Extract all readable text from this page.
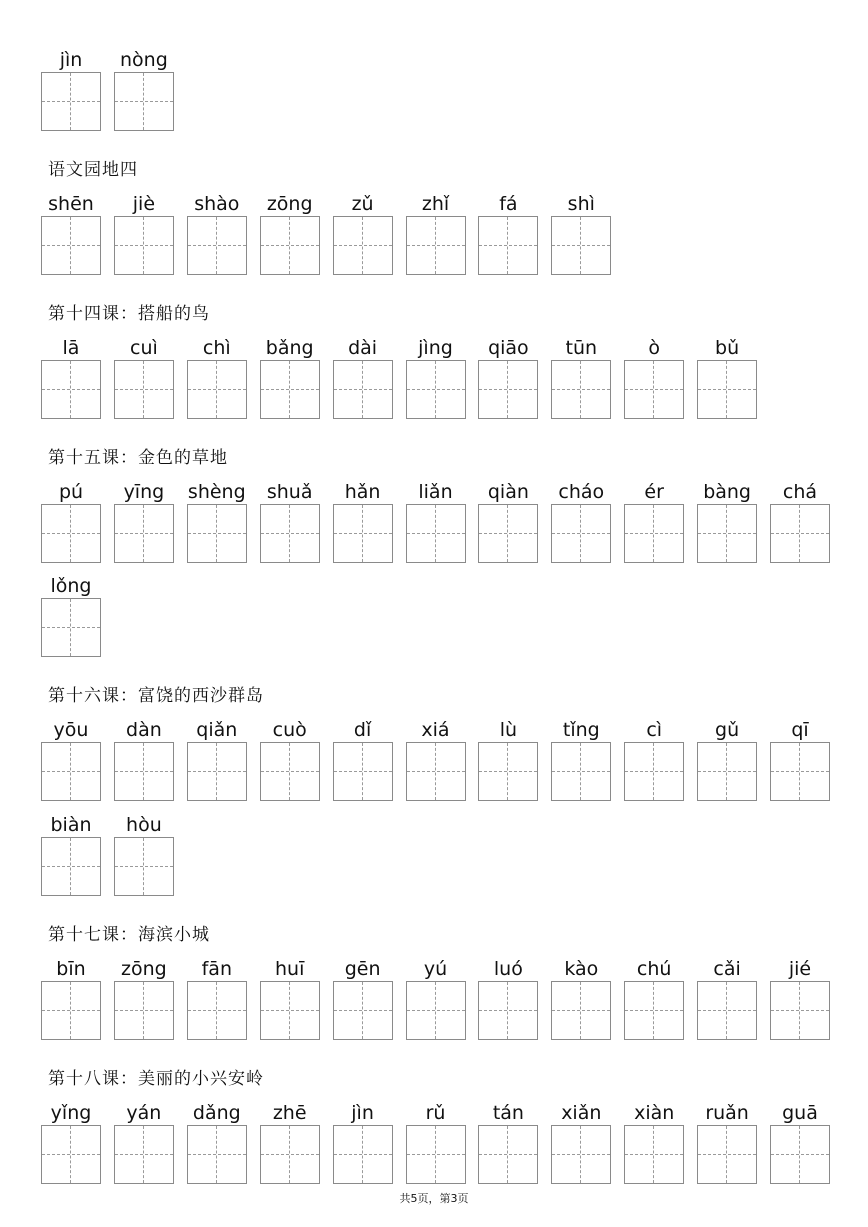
jìn	nòng
语文园地四
shēn	jiè	shào	zōng	zǔ	zhǐ	fá	shì
第十四课：搭船的鸟
lā	cuì	chì	bǎng	dài	jìng	qiāo	tūn	ò	bǔ
第十五课：金色的草地
pú	yīng	shèng	shuǎ	hǎn	liǎn	qiàn	cháo	ér	bàng	chá
lǒng
第十六课：富饶的西沙群岛
yōu	dàn	qiǎn	cuò	dǐ	xiá	lù	tǐng	cì	gǔ	qī
biàn	hòu
第十七课：海滨小城
bīn	zōng	fān	huī	gēn	yú	luó	kào	chú	cǎi	jié
第十八课：美丽的小兴安岭
yǐng	yán	dǎng	zhē	jìn	rǔ	tán	xiǎn	xiàn	ruǎn	guā
共5页，第3页
